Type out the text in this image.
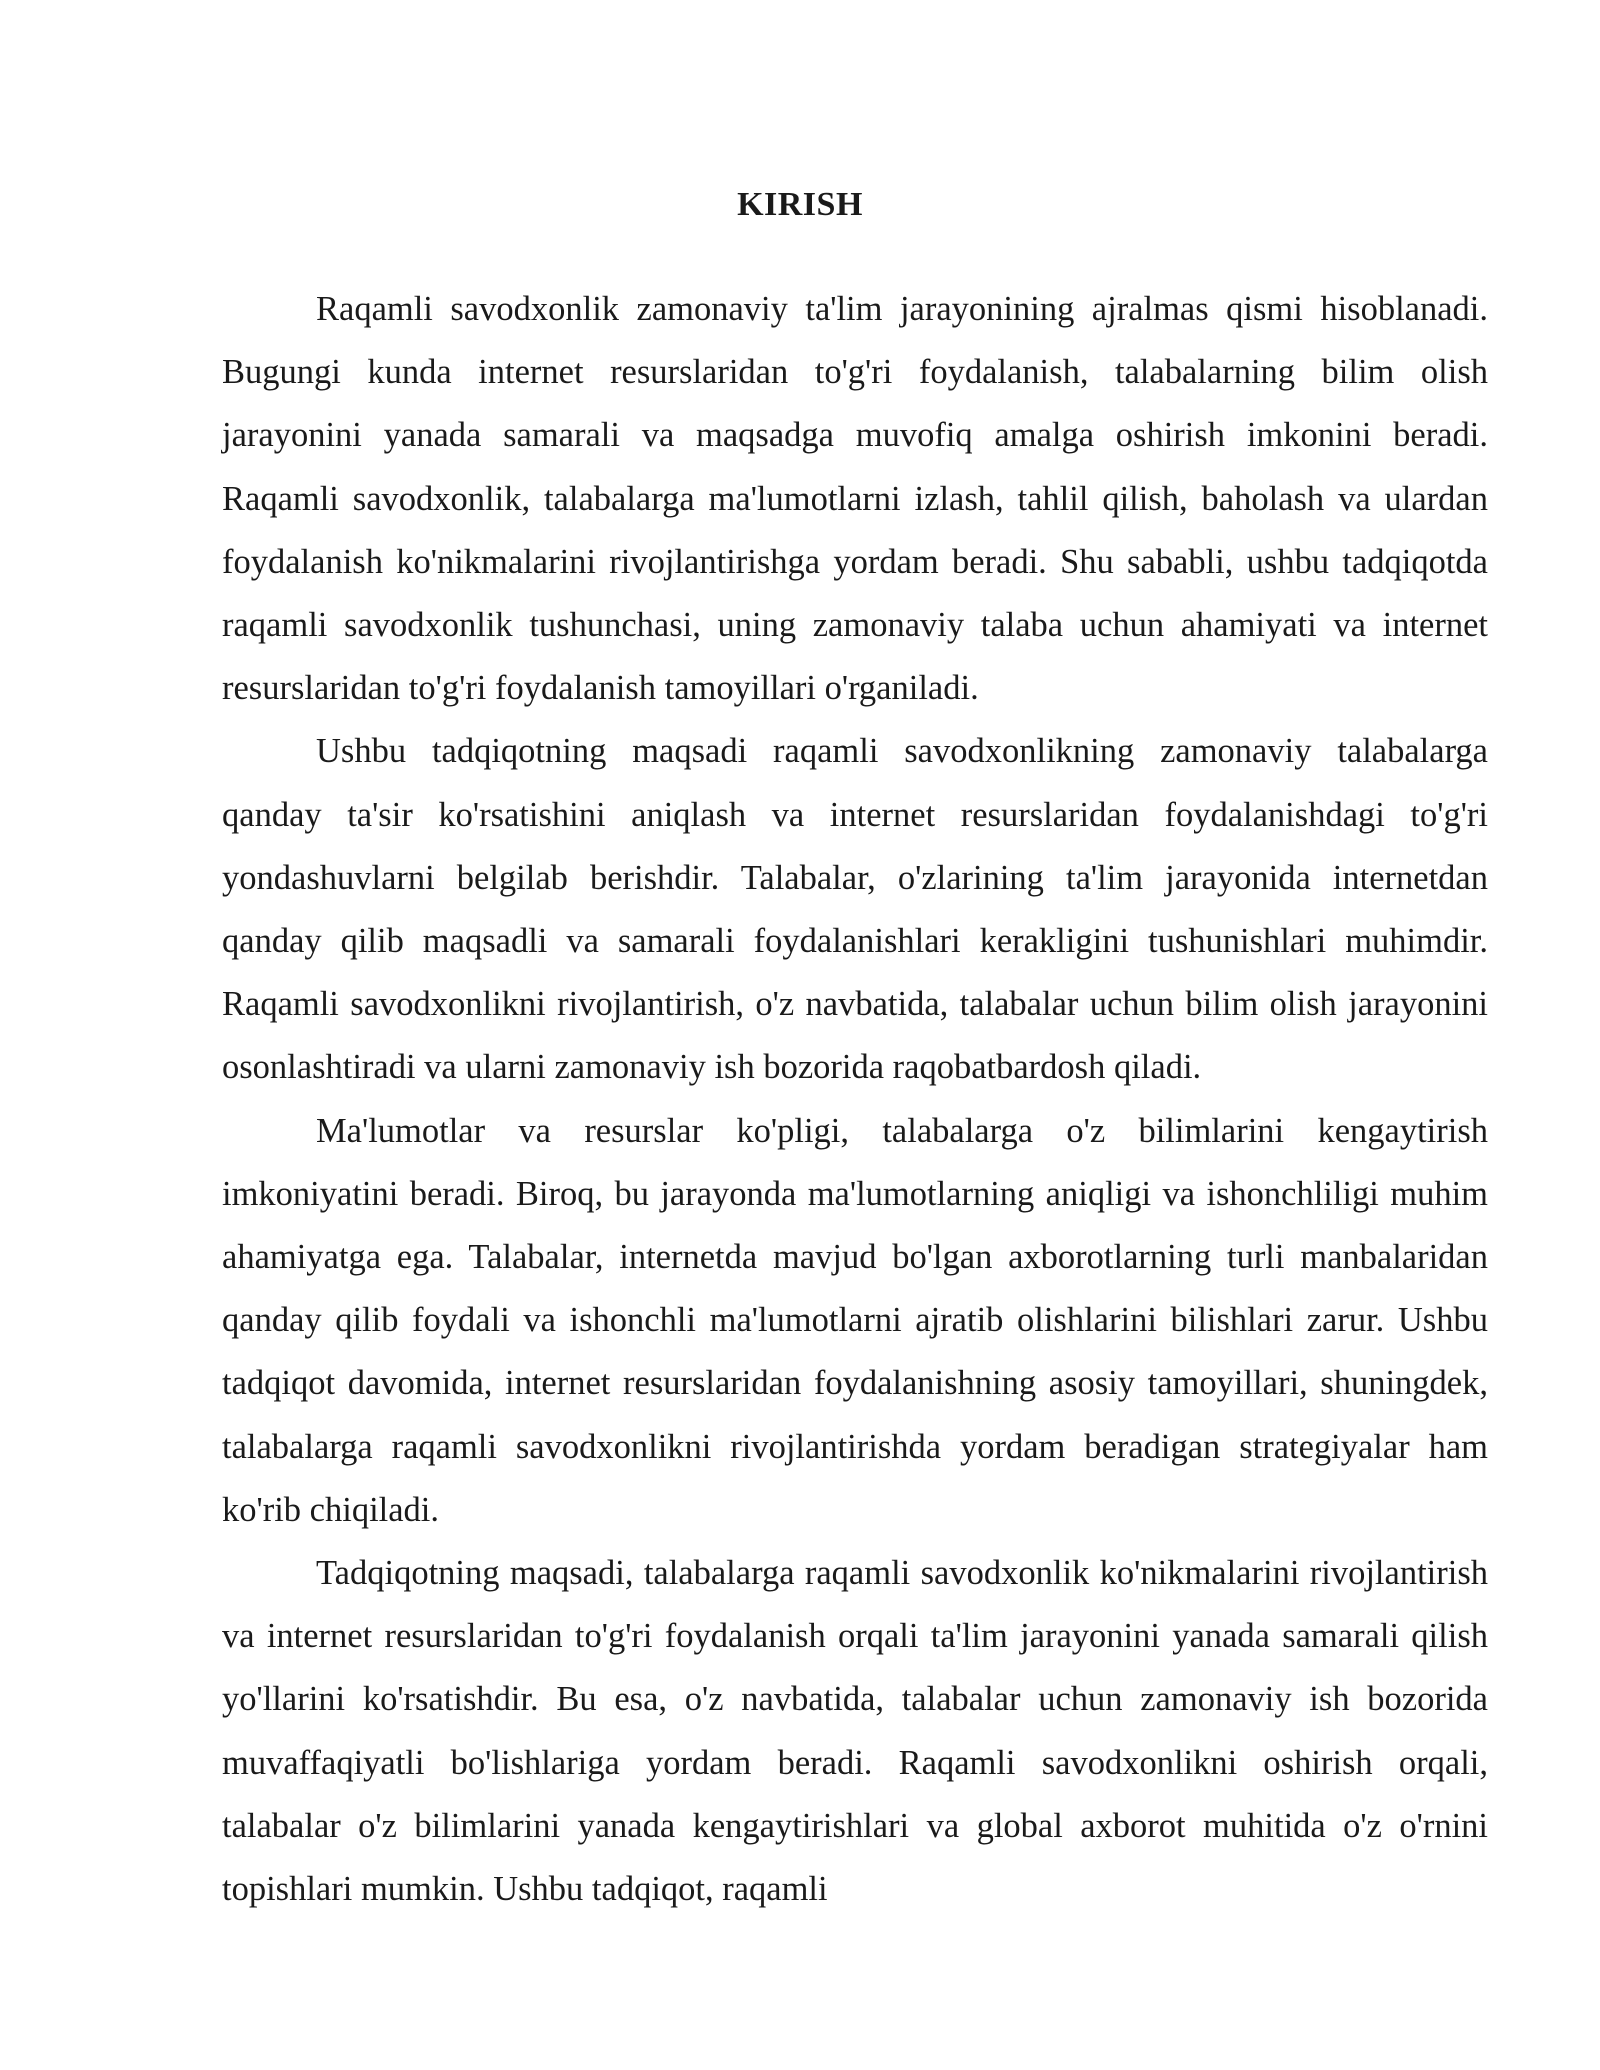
KIRISH

Raqamli savodxonlik zamonaviy ta'lim jarayonining ajralmas qismi hisoblanadi. Bugungi kunda internet resurslaridan to'g'ri foydalanish, talabalarning bilim olish jarayonini yanada samarali va maqsadga muvofiq amalga oshirish imkonini beradi. Raqamli savodxonlik, talabalarga ma'lumotlarni izlash, tahlil qilish, baholash va ulardan foydalanish ko'nikmalarini rivojlantirishga yordam beradi. Shu sababli, ushbu tadqiqotda raqamli savodxonlik tushunchasi, uning zamonaviy talaba uchun ahamiyati va internet resurslaridan to'g'ri foydalanish tamoyillari o'rganiladi.

Ushbu tadqiqotning maqsadi raqamli savodxonlikning zamonaviy talabalarga qanday ta'sir ko'rsatishini aniqlash va internet resurslaridan foydalanishdagi to'g'ri yondashuvlarni belgilab berishdir. Talabalar, o'zlarining ta'lim jarayonida internetdan qanday qilib maqsadli va samarali foydalanishlari kerakligini tushunishlari muhimdir. Raqamli savodxonlikni rivojlantirish, o'z navbatida, talabalar uchun bilim olish jarayonini osonlashtiradi va ularni zamonaviy ish bozorida raqobatbardosh qiladi.

Ma'lumotlar va resurslar ko'pligi, talabalarga o'z bilimlarini kengaytirish imkoniyatini beradi. Biroq, bu jarayonda ma'lumotlarning aniqligi va ishonchliligi muhim ahamiyatga ega. Talabalar, internetda mavjud bo'lgan axborotlarning turli manbalaridan qanday qilib foydali va ishonchli ma'lumotlarni ajratib olishlarini bilishlari zarur. Ushbu tadqiqot davomida, internet resurslaridan foydalanishning asosiy tamoyillari, shuningdek, talabalarga raqamli savodxonlikni rivojlantirishda yordam beradigan strategiyalar ham ko'rib chiqiladi.

Tadqiqotning maqsadi, talabalarga raqamli savodxonlik ko'nikmalarini rivojlantirish va internet resurslaridan to'g'ri foydalanish orqali ta'lim jarayonini yanada samarali qilish yo'llarini ko'rsatishdir. Bu esa, o'z navbatida, talabalar uchun zamonaviy ish bozorida muvaffaqiyatli bo'lishlariga yordam beradi. Raqamli savodxonlikni oshirish orqali, talabalar o'z bilimlarini yanada kengaytirishlari va global axborot muhitida o'z o'rnini topishlari mumkin. Ushbu tadqiqot, raqamli
